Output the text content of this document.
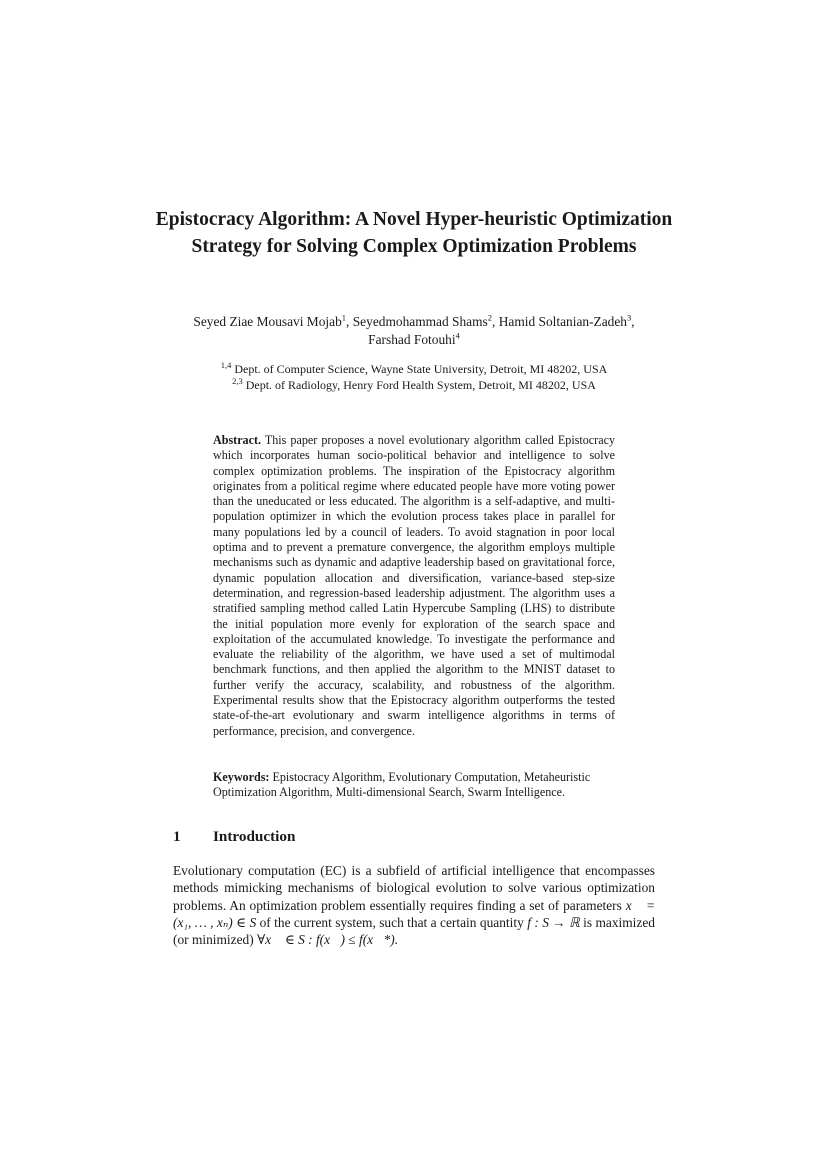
Epistocracy Algorithm: A Novel Hyper-heuristic Optimization Strategy for Solving Complex Optimization Problems
Seyed Ziae Mousavi Mojab$^1$, Seyedmohammad Shams$^2$, Hamid Soltanian-Zadeh$^3$,
Farshad Fotouhi$^4$
$^{1,4}$ Dept. of Computer Science, Wayne State University, Detroit, MI 48202, USA
$^{2,3}$ Dept. of Radiology, Henry Ford Health System, Detroit, MI 48202, USA

Abstract. This paper proposes a novel evolutionary algorithm called Epistocracy which incorporates human socio-political behavior and intelligence to solve complex optimization problems. The inspiration of the Epistocracy algorithm originates from a political regime where educated people have more voting power than the uneducated or less educated. The algorithm is a self-adaptive, and multi-population optimizer in which the evolution process takes place in parallel for many populations led by a council of leaders. To avoid stagnation in poor local optima and to prevent a premature convergence, the algorithm employs multiple mechanisms such as dynamic and adaptive leadership based on gravitational force, dynamic population allocation and diversification, variance-based step-size determination, and regression-based leadership adjustment. The algorithm uses a stratified sampling method called Latin Hypercube Sampling (LHS) to distribute the initial population more evenly for exploration of the search space and exploitation of the accumulated knowledge. To investigate the performance and evaluate the reliability of the algorithm, we have used a set of multimodal benchmark functions, and then applied the algorithm to the MNIST dataset to further verify the accuracy, scalability, and robustness of the algorithm. Experimental results show that the Epistocracy algorithm outperforms the tested state-of-the-art evolutionary and swarm intelligence algorithms in terms of performance, precision, and convergence.

Keywords: Epistocracy Algorithm, Evolutionary Computation, Metaheuristic Optimization Algorithm, Multi-dimensional Search, Swarm Intelligence.

1 Introduction

Evolutionary computation (EC) is a subfield of artificial intelligence that encompasses methods mimicking mechanisms of biological evolution to solve various optimization problems. An optimization problem essentially requires finding a set of parameters x⃗ = (x₁, … , xₙ) ∈ S of the current system, such that a certain quantity f : S → ℝ is maximized (or minimized) ∀x⃗ ∈ S : f(x⃗) ≤ f(x⃗*).
